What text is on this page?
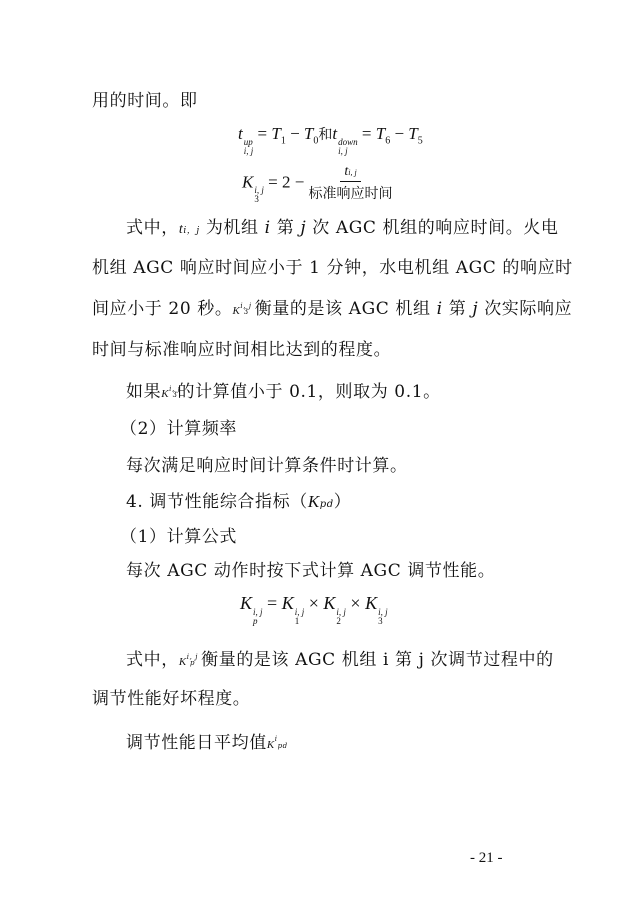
用的时间。即
t up
i, j
= $T_1 - T_0$和t down
i, j
= $T_6 - T_5$
K i, j
3
= $2 - \frac{ti, j}{\text{标准响应时间}}$
式中，ti，j 为机组 i 第 j 次 AGC 机组的响应时间。火电
机组 AGC 响应时间应小于 1 分钟，水电机组 AGC 的响应时
间应小于 20 秒。K$^{i, j}$3 衡量的是该 AGC 机组 i 第 j 次实际响应
时间与标准响应时间相比达到的程度。
如果K$^{i, j}$3的计算值小于 0.1，则取为 0.1。
（2）计算频率
每次满足响应时间计算条件时计算。
4. 调节性能综合指标（Kpd）
（1）计算公式
每次 AGC 动作时按下式计算 AGC 调节性能。
K i, j
p
= K i, j
1
× K i, j
2
× K i, j
3
式中，K$^{i, j}$p 衡量的是该 AGC 机组 i 第 j 次调节过程中的
调节性能好坏程度。
调节性能日平均值$K^ipd$
- 21 -
